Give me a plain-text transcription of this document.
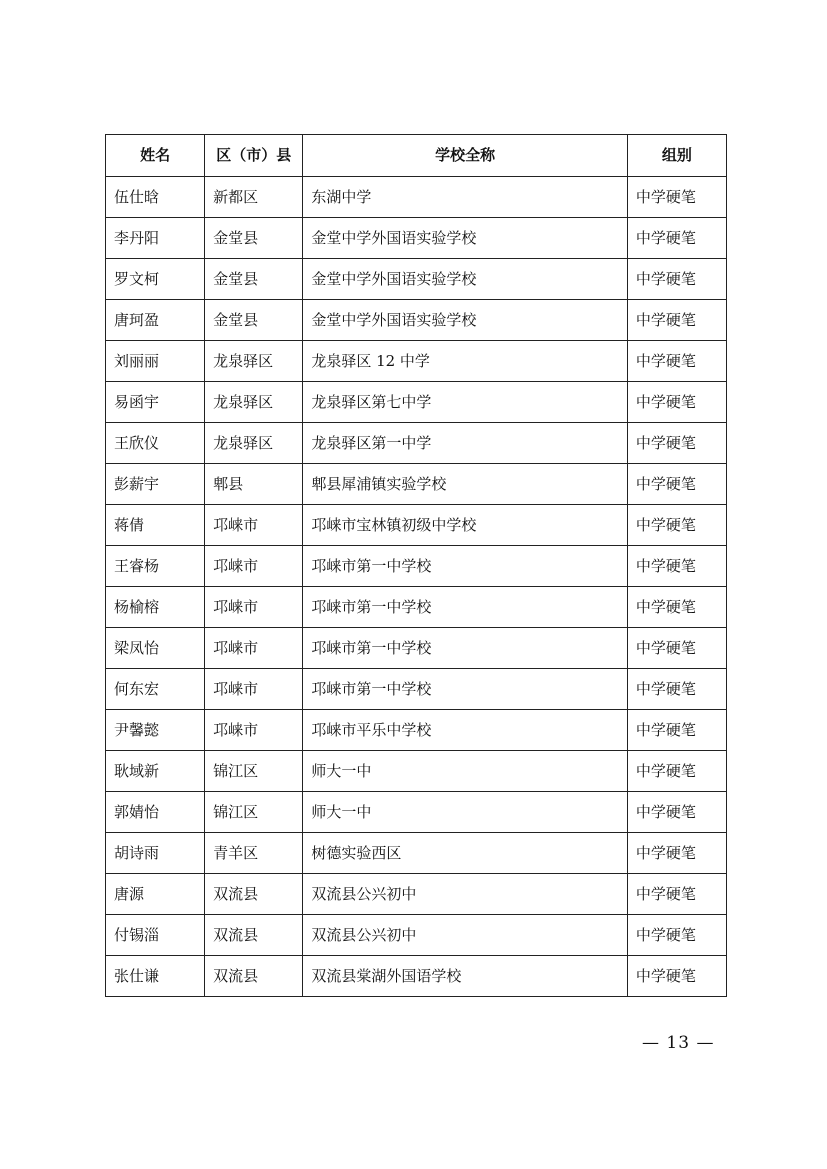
姓名	区（市）县	学校全称	组别
伍仕晗	新都区	东湖中学	中学硬笔
李丹阳	金堂县	金堂中学外国语实验学校	中学硬笔
罗文柯	金堂县	金堂中学外国语实验学校	中学硬笔
唐珂盈	金堂县	金堂中学外国语实验学校	中学硬笔
刘丽丽	龙泉驿区	龙泉驿区 12 中学	中学硬笔
易函宇	龙泉驿区	龙泉驿区第七中学	中学硬笔
王欣仪	龙泉驿区	龙泉驿区第一中学	中学硬笔
彭薪宇	郫县	郫县犀浦镇实验学校	中学硬笔
蒋倩	邛崃市	邛崃市宝林镇初级中学校	中学硬笔
王睿杨	邛崃市	邛崃市第一中学校	中学硬笔
杨榆榕	邛崃市	邛崃市第一中学校	中学硬笔
梁凤怡	邛崃市	邛崃市第一中学校	中学硬笔
何东宏	邛崃市	邛崃市第一中学校	中学硬笔
尹馨懿	邛崃市	邛崃市平乐中学校	中学硬笔
耿域新	锦江区	师大一中	中学硬笔
郭婧怡	锦江区	师大一中	中学硬笔
胡诗雨	青羊区	树德实验西区	中学硬笔
唐源	双流县	双流县公兴初中	中学硬笔
付锡淄	双流县	双流县公兴初中	中学硬笔
张仕谦	双流县	双流县棠湖外国语学校	中学硬笔
— 13 —
